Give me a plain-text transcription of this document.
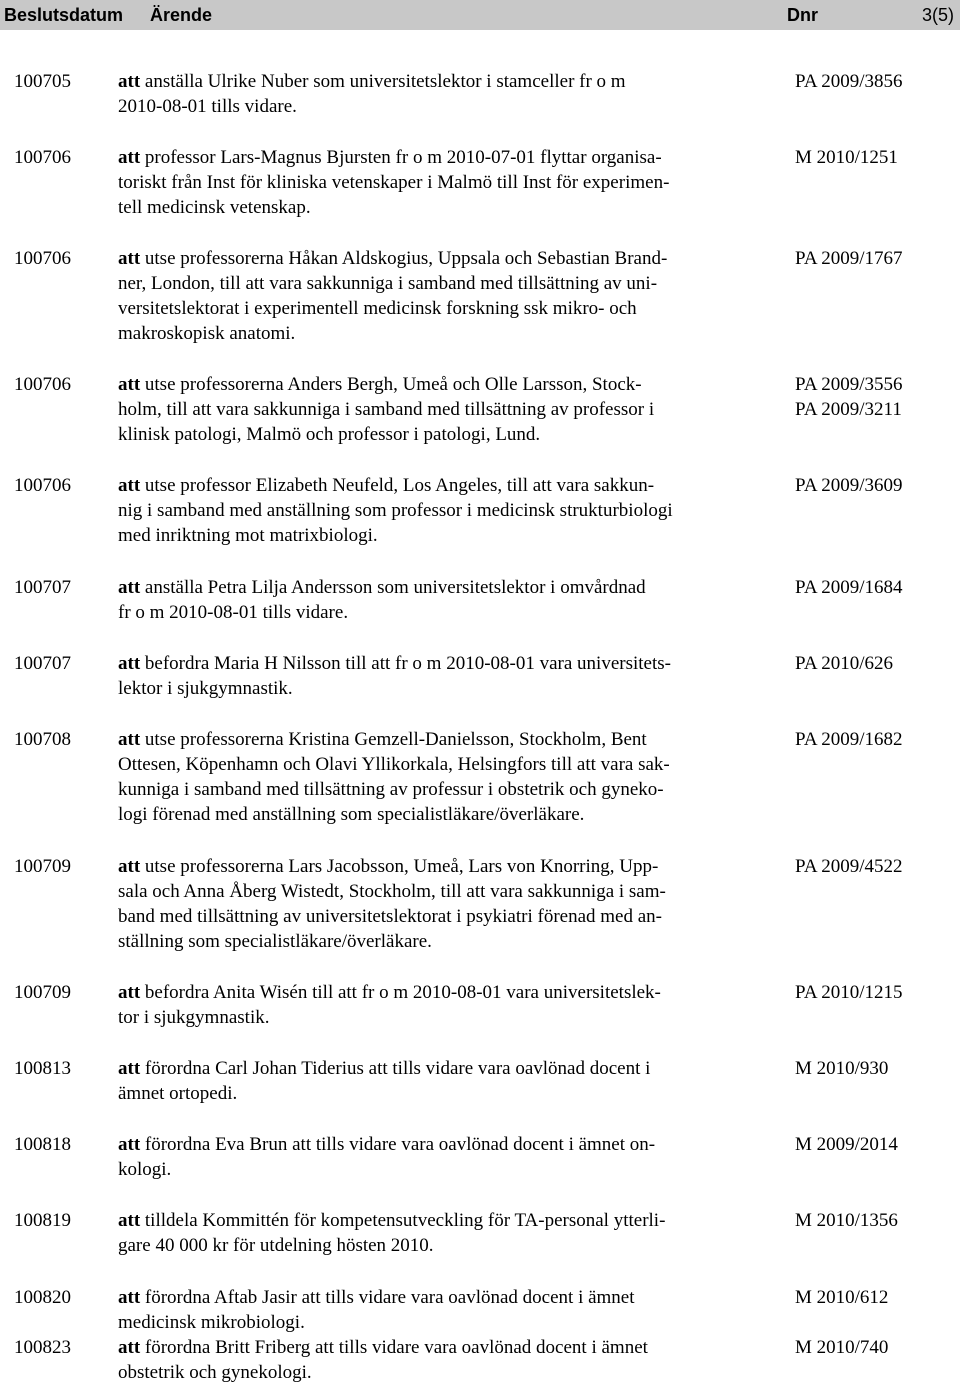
Beslutsdatum Ärende	Dnr	3(5)
100705 att anställa Ulrike Nuber som universitetslektor i stamceller fr o m
2010-08-01 tills vidare.
PA 2009/3856
100706 att professor Lars-Magnus Bjursten fr o m 2010-07-01 flyttar organisa-
toriskt från Inst för kliniska vetenskaper i Malmö till Inst för experimen-
tell medicinsk vetenskap.
M 2010/1251
100706 att utse professorerna Håkan Aldskogius, Uppsala och Sebastian Brand-
ner, London, till att vara sakkunniga i samband med tillsättning av uni-
versitetslektorat i experimentell medicinsk forskning ssk mikro- och
makroskopisk anatomi.
PA 2009/1767
100706 att utse professorerna Anders Bergh, Umeå och Olle Larsson, Stock-
holm, till att vara sakkunniga i samband med tillsättning av professor i
klinisk patologi, Malmö och professor i patologi, Lund.
PA 2009/3556
PA 2009/3211
100706 att utse professor Elizabeth Neufeld, Los Angeles, till att vara sakkun-
nig i samband med anställning som professor i medicinsk strukturbiologi
med inriktning mot matrixbiologi.
PA 2009/3609
100707 att anställa Petra Lilja Andersson som universitetslektor i omvårdnad
fr o m 2010-08-01 tills vidare.
PA 2009/1684
100707 att befordra Maria H Nilsson till att fr o m 2010-08-01 vara universitets-
lektor i sjukgymnastik.
PA 2010/626
100708 att utse professorerna Kristina Gemzell-Danielsson, Stockholm, Bent
Ottesen, Köpenhamn och Olavi Yllikorkala, Helsingfors till att vara sak-
kunniga i samband med tillsättning av professur i obstetrik och gyneko-
logi förenad med anställning som specialistläkare/överläkare.
PA 2009/1682
100709 att utse professorerna Lars Jacobsson, Umeå, Lars von Knorring, Upp-
sala och Anna Åberg Wistedt, Stockholm, till att vara sakkunniga i sam-
band med tillsättning av universitetslektorat i psykiatri förenad med an-
ställning som specialistläkare/överläkare.
PA 2009/4522
100709 att befordra Anita Wisén till att fr o m 2010-08-01 vara universitetslek-
tor i sjukgymnastik.
PA 2010/1215
100813 att förordna Carl Johan Tiderius att tills vidare vara oavlönad docent i
ämnet ortopedi.
M 2010/930
100818 att förordna Eva Brun att tills vidare vara oavlönad docent i ämnet on-
kologi.
M 2009/2014
100819 att tilldela Kommittén för kompetensutveckling för TA-personal ytterli-
gare 40 000 kr för utdelning hösten 2010.
M 2010/1356
100820 att förordna Aftab Jasir att tills vidare vara oavlönad docent i ämnet
medicinsk mikrobiologi.
M 2010/612
100823 att förordna Britt Friberg att tills vidare vara oavlönad docent i ämnet
obstetrik och gynekologi.
M 2010/740
